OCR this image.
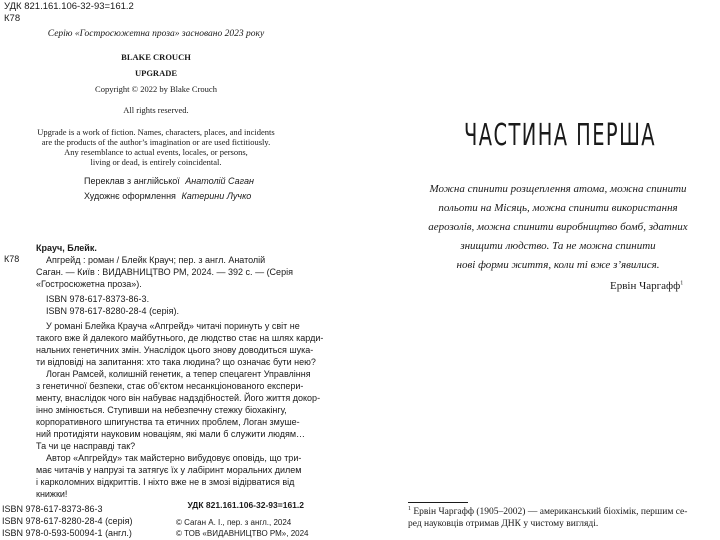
УДК 821.161.106-32-93=161.2
К78
Серію «Гостросюжетна проза» засновано 2023 року
BLAKE CROUCH
UPGRADE
Copyright © 2022 by Blake Crouch
All rights reserved.
Upgrade is a work of fiction. Names, characters, places, and incidents
are the products of the author’s imagination or are used fictitiously.
Any resemblance to actual events, locales, or persons,
living or dead, is entirely coincidental.
Переклав з англійської Анатолій Саган
Художнє оформлення Катерини Лучко
К78
Крауч, Блейк.
Апгрейд : роман / Блейк Крауч; пер. з англ. Анатолій
Саган. — Київ : ВИДАВНИЦТВО РМ, 2024. — 392 с. — (Серія
«Гостросюжетна проза»).
ISBN 978-617-8373-86-3.
ISBN 978-617-8280-28-4 (серія).
У романі Блейка Крауча «Апгрейд» читачі поринуть у світ не
такого вже й далекого майбутнього, де людство стає на шлях карди-
нальних генетичних змін. Унаслідок цього знову доводиться шука-
ти відповіді на запитання: хто така людина? що означає бути нею?
Логан Рамсей, колишній генетик, а тепер спецагент Управління
з генетичної безпеки, стає об’єктом несанкціонованого експери-
менту, внаслідок чого він набуває надздібностей. Його життя докор-
інно змінюється. Ступивши на небезпечну стежку біохакінгу,
корпоративного шпигунства та етичних проблем, Логан змуше-
ний протидіяти науковим новаціям, які мали б служити людям…
Та чи це насправді так?
Автор «Апгрейду» так майстерно вибудовує оповідь, що три-
має читачів у напрузі та затягує їх у лабіринт моральних дилем
і карколомних відкриттів. І ніхто вже не в змозі відірватися від
книжки!
УДК 821.161.106-32-93=161.2
ISBN 978-617-8373-86-3
ISBN 978-617-8280-28-4 (серія)
ISBN 978-0-593-50094-1 (англ.)
© Саган А. І., пер. з англ., 2024
© ТОВ «ВИДАВНИЦТВО РМ», 2024
ЧАСТИНА ПЕРША
Можна спинити розщеплення атома, можна спинити
польоти на Місяць, можна спинити використання
аерозолів, можна спинити виробництво бомб, здатних
знищити людство. Та не можна спинити
нові форми життя, коли ті вже з’явилися.
Ервін Чаргафф$^1$
$^1$ Ервін Чаргафф (1905–2002) — американський біохімік, першим се-
ред науковців отримав ДНК у чистому вигляді.
